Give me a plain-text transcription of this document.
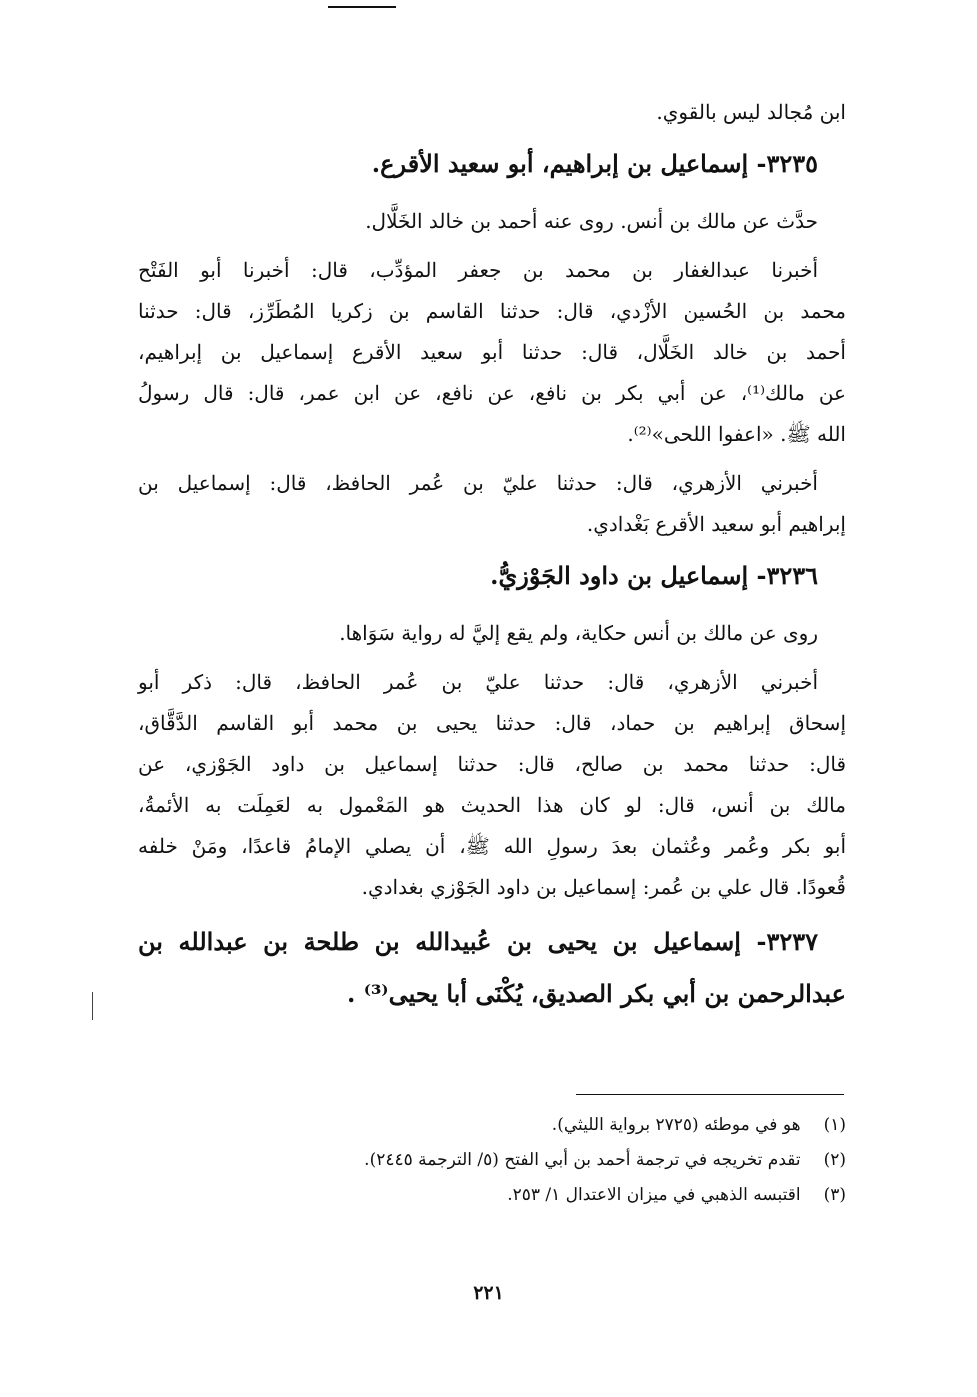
ابن مُجالد ليس بالقوي.

٣٢٣٥- إسماعيل بن إبراهيم، أبو سعيد الأقرع.

حدَّث عن مالك بن أنس. روى عنه أحمد بن خالد الخَلَّال.

أخبرنا عبدالغفار بن محمد بن جعفر المؤدِّب، قال: أخبرنا أبو الفَتْح
محمد بن الحُسين الأزْدي، قال: حدثنا القاسم بن زكريا المُطَرِّز، قال: حدثنا
أحمد بن خالد الخَلَّال، قال: حدثنا أبو سعيد الأقرع إسماعيل بن إبراهيم،
عن مالك⁽¹⁾، عن أبي بكر بن نافع، عن نافع، عن ابن عمر، قال: قال رسولُ
الله ﷺ. «اعفوا اللحى»⁽²⁾.

أخبرني الأزهري، قال: حدثنا عليّ بن عُمر الحافظ، قال: إسماعيل بن
إبراهيم أبو سعيد الأقرع بَغْدادي.

٣٢٣٦- إسماعيل بن داود الجَوْزيُّ.

روى عن مالك بن أنس حكاية، ولم يقع إليَّ له رواية سَوَاها.

أخبرني الأزهري، قال: حدثنا عليّ بن عُمر الحافظ، قال: ذكر أبو
إسحاق إبراهيم بن حماد، قال: حدثنا يحيى بن محمد أبو القاسم الدَّقَّاق،
قال: حدثنا محمد بن صالح، قال: حدثنا إسماعيل بن داود الجَوْزي، عن
مالك بن أنس، قال: لو كان هذا الحديث هو المَعْمول به لعَمِلَت به الأئمةُ،
أبو بكر وعُمر وعُثمان بعدَ رسولِ الله ﷺ، أن يصلي الإمامُ قاعدًا، ومَنْ خلفه
قُعودًا. قال علي بن عُمر: إسماعيل بن داود الجَوْزي بغدادي.

٣٢٣٧- إسماعيل بن يحيى بن عُبيدالله بن طلحة بن عبدالله بن
عبدالرحمن بن أبي بكر الصديق، يُكْنَى أبا يحيى⁽³⁾ .
(١) هو في موطئه (٢٧٢٥ برواية الليثي).
(٢) تقدم تخريجه في ترجمة أحمد بن أبي الفتح (٥/ الترجمة ٢٤٤٥).
(٣) اقتبسه الذهبي في ميزان الاعتدال ١/ ٢٥٣.
٢٢١
